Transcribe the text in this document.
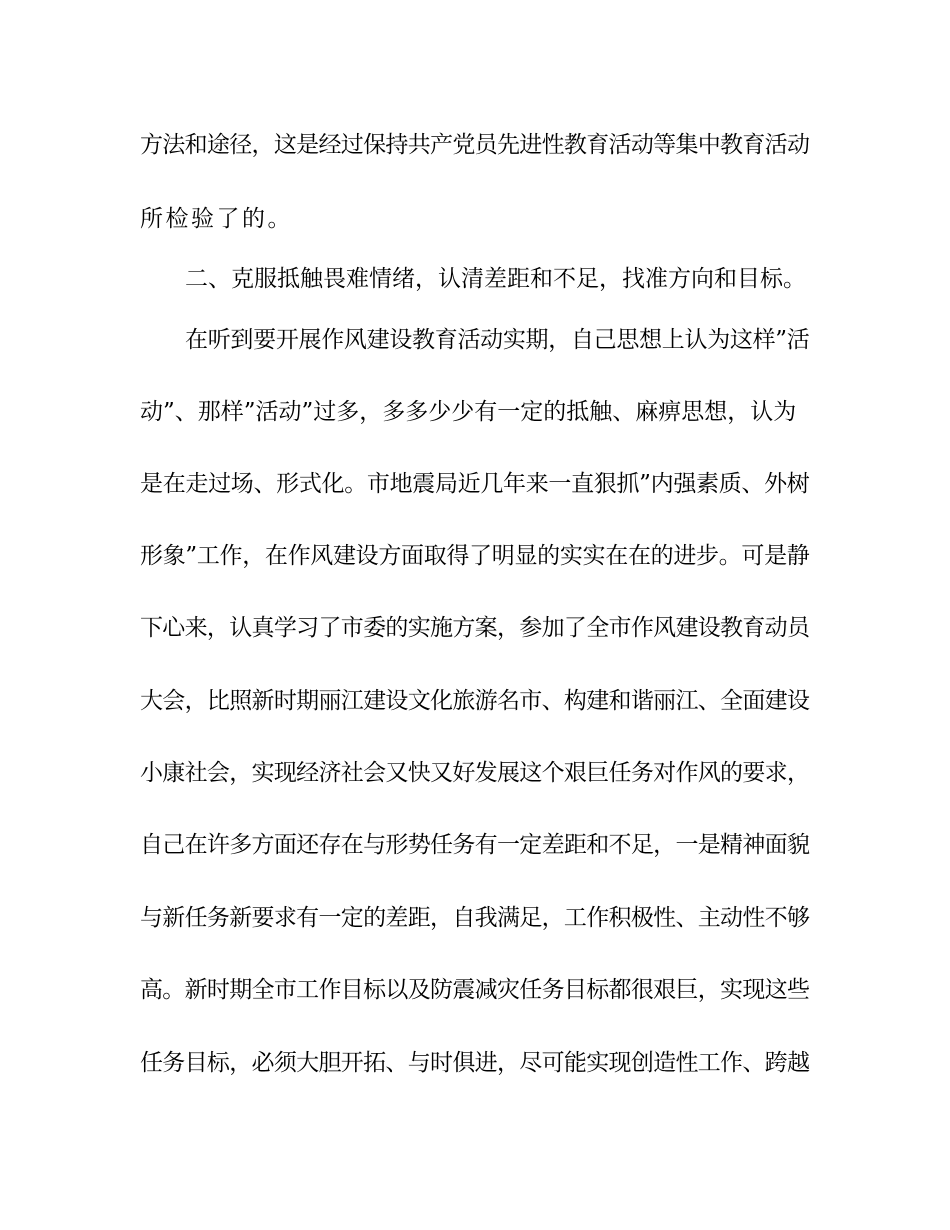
方法和途径，这是经过保持共产党员先进性教育活动等集中教育活动

所检验了的。

二、克服抵触畏难情绪，认清差距和不足，找准方向和目标。

在听到要开展作风建设教育活动实期，自己思想上认为这样”活

动”、那样”活动”过多，多多少少有一定的抵触、麻痹思想，认为

是在走过场、形式化。市地震局近几年来一直狠抓”内强素质、外树

形象”工作，在作风建设方面取得了明显的实实在在的进步。可是静

下心来，认真学习了市委的实施方案，参加了全市作风建设教育动员

大会，比照新时期丽江建设文化旅游名市、构建和谐丽江、全面建设

小康社会，实现经济社会又快又好发展这个艰巨任务对作风的要求，

自己在许多方面还存在与形势任务有一定差距和不足，一是精神面貌

与新任务新要求有一定的差距，自我满足，工作积极性、主动性不够

高。新时期全市工作目标以及防震减灾任务目标都很艰巨，实现这些

任务目标，必须大胆开拓、与时俱进，尽可能实现创造性工作、跨越
